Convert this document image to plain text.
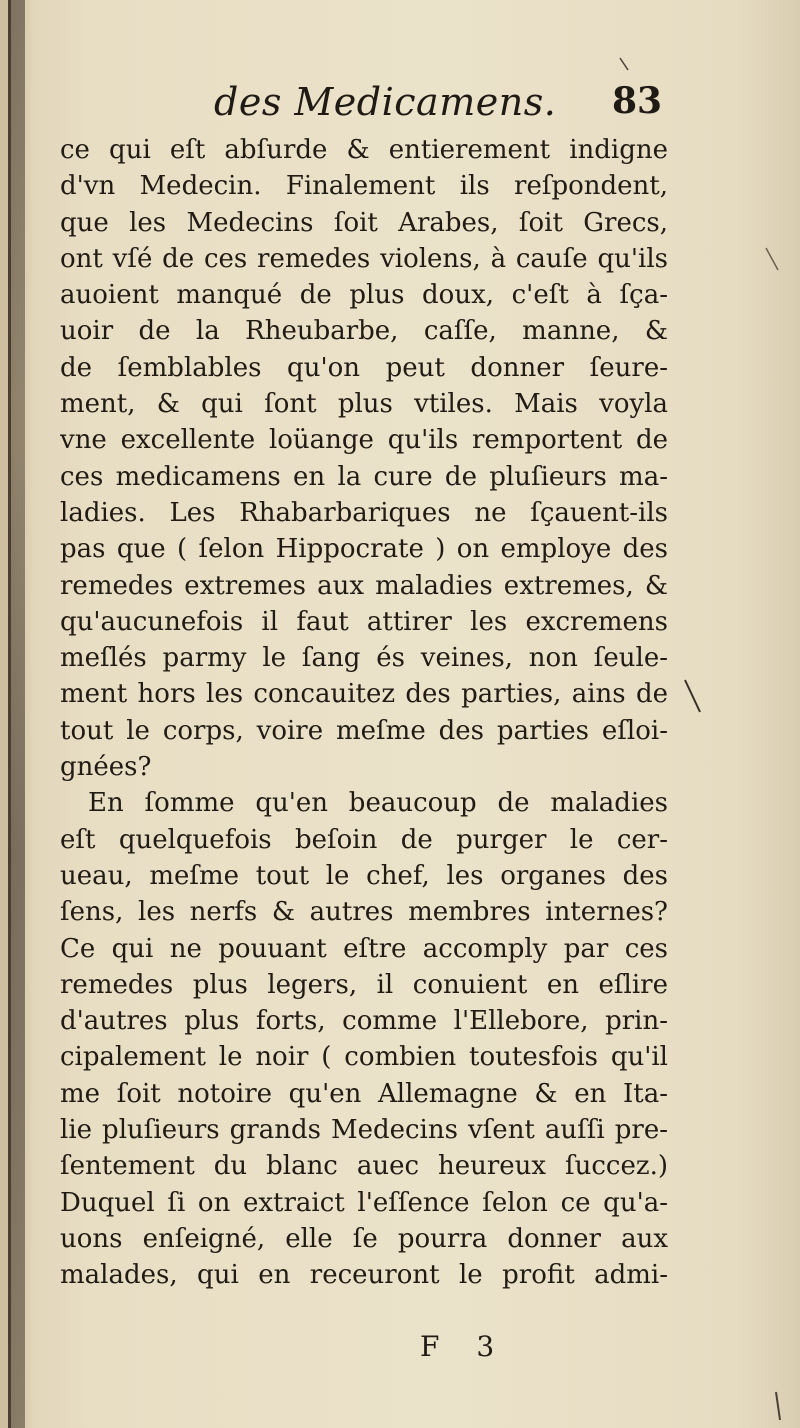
des Medicamens. 83
ce qui eſt abſurde & entierement indigne
d'vn Medecin. Finalement ils reſpondent,
que les Medecins ſoit Arabes, ſoit Grecs,
ont vſé de ces remedes violens, à cauſe qu'ils
auoient manqué de plus doux, c'eſt à ſça-
uoir de la Rheubarbe, caſſe, manne, &
de ſemblables qu'on peut donner ſeure-
ment, & qui ſont plus vtiles. Mais voyla
vne excellente loüange qu'ils remportent de
ces medicamens en la cure de pluſieurs ma-
ladies. Les Rhabarbariques ne ſçauent-ils
pas que ( ſelon Hippocrate ) on employe des
remedes extremes aux maladies extremes, &
qu'aucunefois il faut attirer les excremens
meſlés parmy le ſang és veines, non ſeule-
ment hors les concauitez des parties, ains de
tout le corps, voire meſme des parties eſloi-
gnées?
En ſomme qu'en beaucoup de maladies
eſt quelquefois beſoin de purger le cer-
ueau, meſme tout le chef, les organes des
ſens, les nerfs & autres membres internes?
Ce qui ne pouuant eſtre accomply par ces
remedes plus legers, il conuient en eſlire
d'autres plus forts, comme l'Ellebore, prin-
cipalement le noir ( combien toutesfois qu'il
me ſoit notoire qu'en Allemagne & en Ita-
lie pluſieurs grands Medecins vſent auſſi pre-
ſentement du blanc auec heureux ſuccez.)
Duquel ſi on extraict l'eſſence ſelon ce qu'a-
uons enſeigné, elle ſe pourra donner aux
malades, qui en receuront le profit admi-
F 3
